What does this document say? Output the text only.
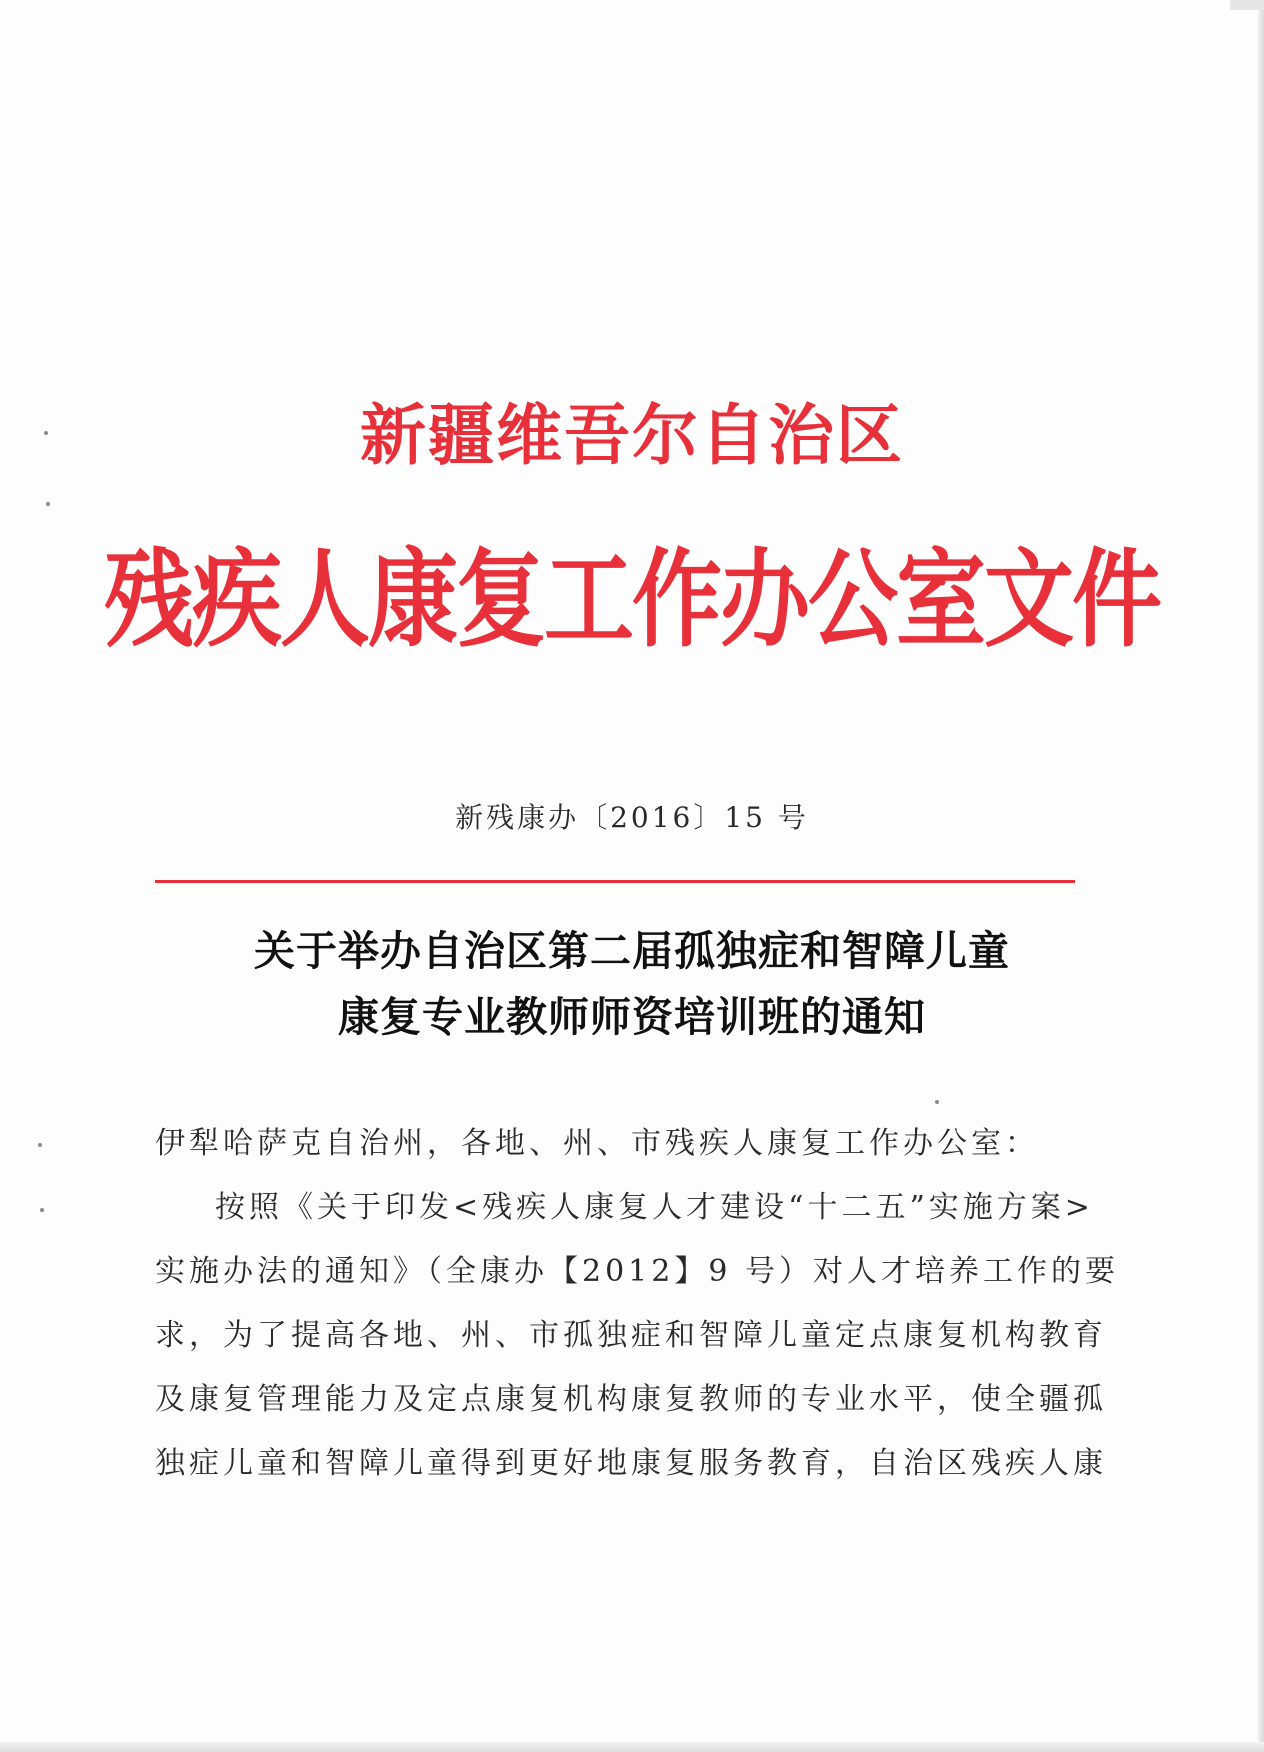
新疆维吾尔自治区
残疾人康复工作办公室文件
新残康办〔2016〕15 号
关于举办自治区第二届孤独症和智障儿童
康复专业教师师资培训班的通知
伊犁哈萨克自治州，各地、州、市残疾人康复工作办公室：
按照《关于印发<残疾人康复人才建设“十二五”实施方案>
实施办法的通知》（全康办【2012】9 号）对人才培养工作的要
求，为了提高各地、州、市孤独症和智障儿童定点康复机构教育
及康复管理能力及定点康复机构康复教师的专业水平，使全疆孤
独症儿童和智障儿童得到更好地康复服务教育，自治区残疾人康
